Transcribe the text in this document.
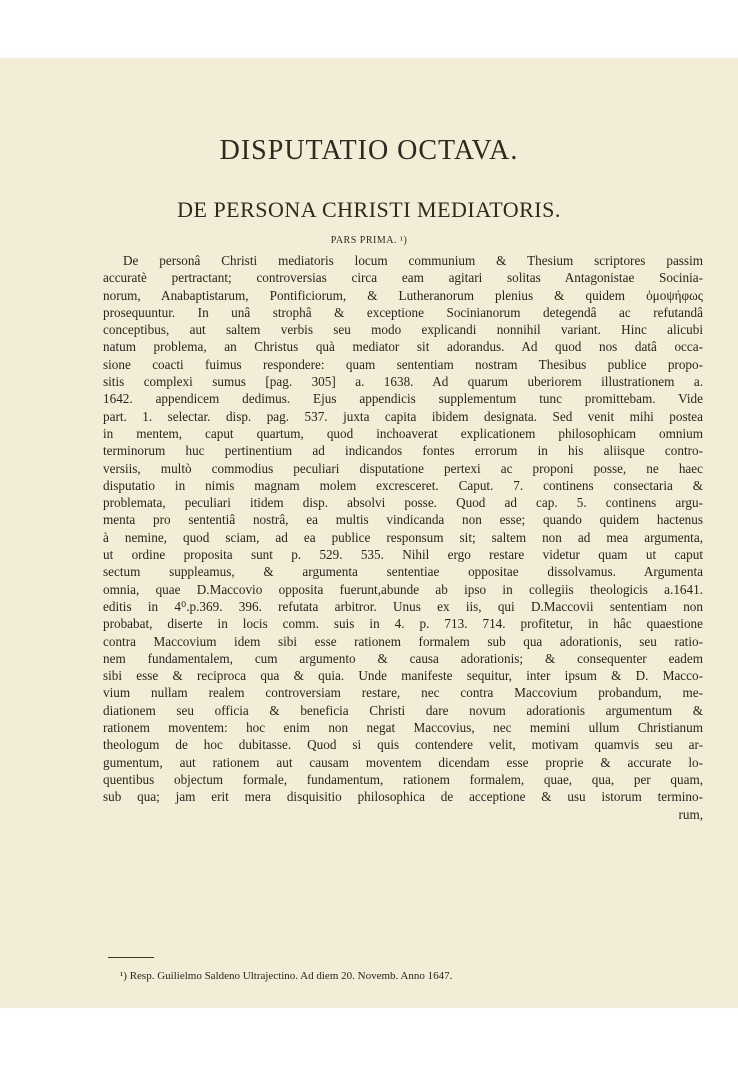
DISPUTATIO OCTAVA.
DE PERSONA CHRISTI MEDIATORIS.
PARS PRIMA. ¹)
De personâ Christi mediatoris locum communium & Thesium scriptores passim
accuratè pertractant; controversias circa eam agitari solitas Antagonistae Socinia-
norum, Anabaptistarum, Pontificiorum, & Lutheranorum plenius & quidem ὁμοψήφως
prosequuntur. In unâ strophâ & exceptione Socinianorum detegendâ ac refutandâ
conceptibus, aut saltem verbis seu modo explicandi nonnihil variant. Hinc alicubi
natum problema, an Christus quà mediator sit adorandus. Ad quod nos datâ occa-
sione coacti fuimus respondere: quam sententiam nostram Thesibus publice propo-
sitis complexi sumus [pag. 305] a. 1638. Ad quarum uberiorem illustrationem a.
1642. appendicem dedimus. Ejus appendicis supplementum tunc promittebam. Vide
part. 1. selectar. disp. pag. 537. juxta capita ibidem designata. Sed venit mihi postea
in mentem, caput quartum, quod inchoaverat explicationem philosophicam omnium
terminorum huc pertinentium ad indicandos fontes errorum in his aliisque contro-
versiis, multò commodius peculiari disputatione pertexi ac proponi posse, ne haec
disputatio in nimis magnam molem excresceret. Caput. 7. continens consectaria &
problemata, peculiari itidem disp. absolvi posse. Quod ad cap. 5. continens argu-
menta pro sententiâ nostrâ, ea multis vindicanda non esse; quando quidem hactenus
à nemine, quod sciam, ad ea publice responsum sit; saltem non ad mea argumenta,
ut ordine proposita sunt p. 529. 535. Nihil ergo restare videtur quam ut caput
sectum suppleamus, & argumenta sententiae oppositae dissolvamus. Argumenta
omnia, quae D.Maccovio opposita fuerunt,abunde ab ipso in collegiis theologicis a.1641.
editis in 4⁰.p.369. 396. refutata arbitror. Unus ex iis, qui D.Maccovii sententiam non
probabat, diserte in locis comm. suis in 4. p. 713. 714. profitetur, in hâc quaestione
contra Maccovium idem sibi esse rationem formalem sub qua adorationis, seu ratio-
nem fundamentalem, cum argumento & causa adorationis; & consequenter eadem
sibi esse & reciproca qua & quia. Unde manifeste sequitur, inter ipsum & D. Macco-
vium nullam realem controversiam restare, nec contra Maccovium probandum, me-
diationem seu officia & beneficia Christi dare novum adorationis argumentum &
rationem moventem: hoc enim non negat Maccovius, nec memini ullum Christianum
theologum de hoc dubitasse. Quod si quis contendere velit, motivam quamvis seu ar-
gumentum, aut rationem aut causam moventem dicendam esse proprie & accurate lo-
quentibus objectum formale, fundamentum, rationem formalem, quae, qua, per quam,
sub qua; jam erit mera disquisitio philosophica de acceptione & usu istorum termino-
rum,
¹) Resp. Guilielmo Saldeno Ultrajectino. Ad diem 20. Novemb. Anno 1647.
